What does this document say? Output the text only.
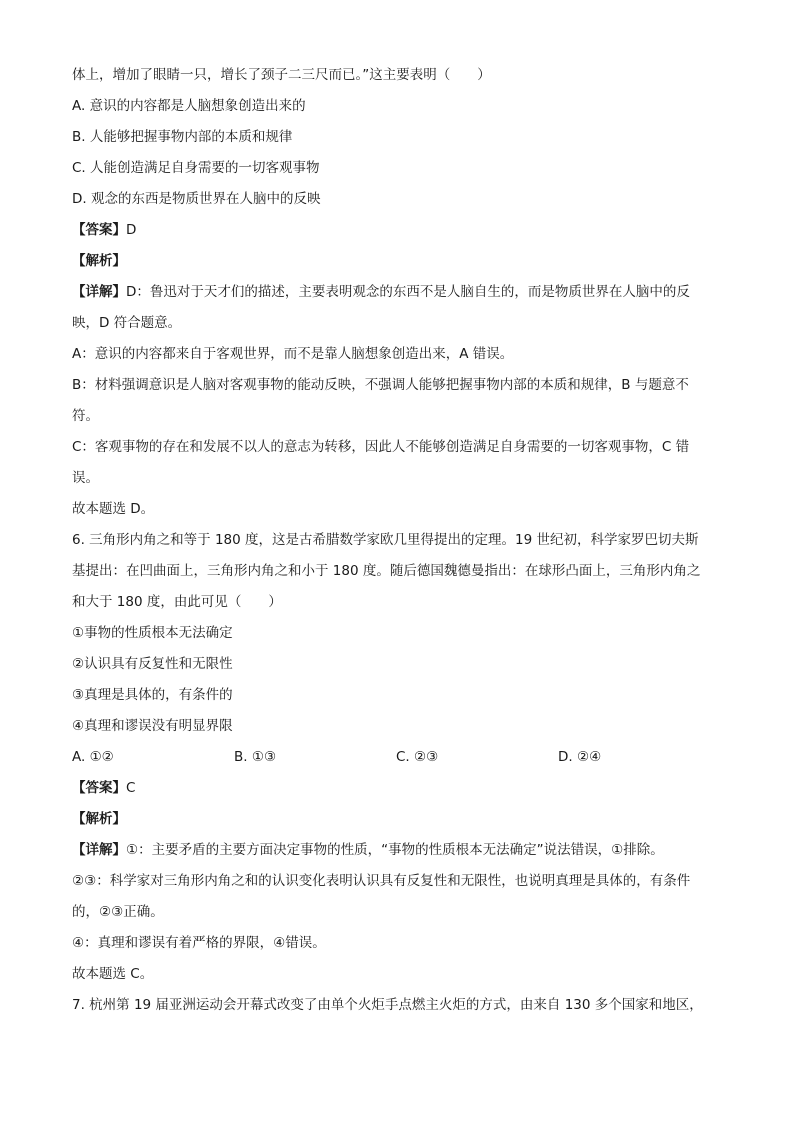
体上，增加了眼睛一只，增长了颈子二三尺而已。”这主要表明（　　）
A. 意识的内容都是人脑想象创造出来的
B. 人能够把握事物内部的本质和规律
C. 人能创造满足自身需要的一切客观事物
D. 观念的东西是物质世界在人脑中的反映
【答案】D
【解析】
【详解】D：鲁迅对于天才们的描述，主要表明观念的东西不是人脑自生的，而是物质世界在人脑中的反
映，D 符合题意。
A：意识的内容都来自于客观世界，而不是靠人脑想象创造出来，A 错误。
B：材料强调意识是人脑对客观事物的能动反映，不强调人能够把握事物内部的本质和规律，B 与题意不
符。
C：客观事物的存在和发展不以人的意志为转移，因此人不能够创造满足自身需要的一切客观事物，C 错
误。
故本题选 D。
6. 三角形内角之和等于 180 度，这是古希腊数学家欧几里得提出的定理。19 世纪初，科学家罗巴切夫斯
基提出：在凹曲面上，三角形内角之和小于 180 度。随后德国魏德曼指出：在球形凸面上，三角形内角之
和大于 180 度，由此可见（　　）
①事物的性质根本无法确定
②认识具有反复性和无限性
③真理是具体的，有条件的
④真理和谬误没有明显界限
A. ①②	B. ①③	C. ②③	D. ②④
【答案】C
【解析】
【详解】①：主要矛盾的主要方面决定事物的性质，“事物的性质根本无法确定”说法错误，①排除。
②③：科学家对三角形内角之和的认识变化表明认识具有反复性和无限性，也说明真理是具体的，有条件
的，②③正确。
④：真理和谬误有着严格的界限，④错误。
故本题选 C。
7. 杭州第 19 届亚洲运动会开幕式改变了由单个火炬手点燃主火炬的方式，由来自 130 多个国家和地区，
